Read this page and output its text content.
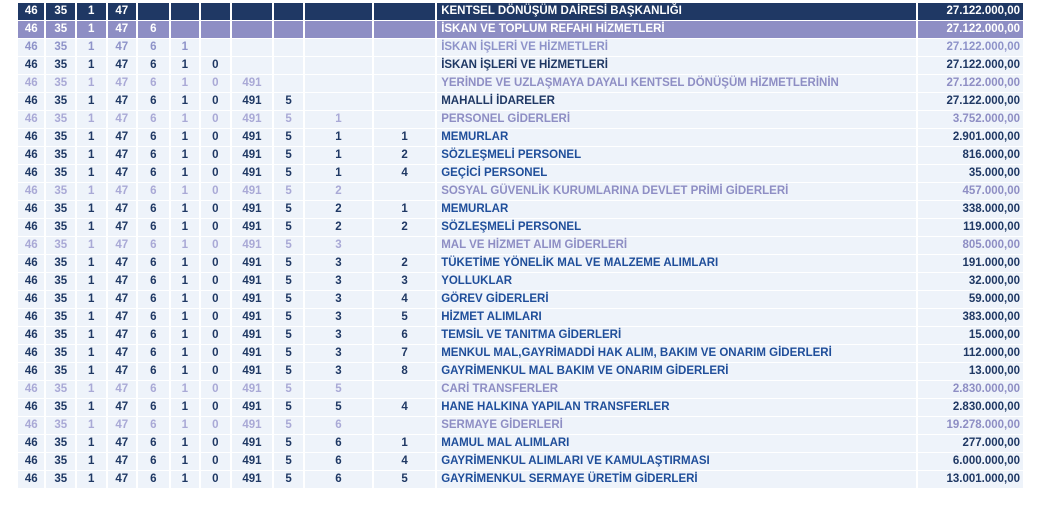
46	35	1	47								KENTSEL DÖNÜŞÜM DAİRESİ BAŞKANLIĞI	27.122.000,00
46	35	1	47	6							İSKAN VE TOPLUM REFAHI HİZMETLERİ	27.122.000,00
46	35	1	47	6	1						İSKAN İŞLERİ VE HİZMETLERİ	27.122.000,00
46	35	1	47	6	1	0					İSKAN İŞLERİ VE HİZMETLERİ	27.122.000,00
46	35	1	47	6	1	0	491				YERİNDE VE UZLAŞMAYA DAYALI KENTSEL DÖNÜŞÜM HİZMETLERİNİN	27.122.000,00
46	35	1	47	6	1	0	491	5			MAHALLİ İDARELER	27.122.000,00
46	35	1	47	6	1	0	491	5	1		PERSONEL GİDERLERİ	3.752.000,00
46	35	1	47	6	1	0	491	5	1	1	MEMURLAR	2.901.000,00
46	35	1	47	6	1	0	491	5	1	2	SÖZLEŞMELİ PERSONEL	816.000,00
46	35	1	47	6	1	0	491	5	1	4	GEÇİCİ PERSONEL	35.000,00
46	35	1	47	6	1	0	491	5	2		SOSYAL GÜVENLİK KURUMLARINA DEVLET PRİMİ GİDERLERİ	457.000,00
46	35	1	47	6	1	0	491	5	2	1	MEMURLAR	338.000,00
46	35	1	47	6	1	0	491	5	2	2	SÖZLEŞMELİ PERSONEL	119.000,00
46	35	1	47	6	1	0	491	5	3		MAL VE HİZMET ALIM GİDERLERİ	805.000,00
46	35	1	47	6	1	0	491	5	3	2	TÜKETİME YÖNELİK MAL VE MALZEME ALIMLARI	191.000,00
46	35	1	47	6	1	0	491	5	3	3	YOLLUKLAR	32.000,00
46	35	1	47	6	1	0	491	5	3	4	GÖREV GİDERLERİ	59.000,00
46	35	1	47	6	1	0	491	5	3	5	HİZMET ALIMLARI	383.000,00
46	35	1	47	6	1	0	491	5	3	6	TEMSİL VE TANITMA GİDERLERİ	15.000,00
46	35	1	47	6	1	0	491	5	3	7	MENKUL MAL,GAYRİMADDİ HAK ALIM, BAKIM VE ONARIM GİDERLERİ	112.000,00
46	35	1	47	6	1	0	491	5	3	8	GAYRİMENKUL MAL BAKIM VE ONARIM GİDERLERİ	13.000,00
46	35	1	47	6	1	0	491	5	5		CARİ TRANSFERLER	2.830.000,00
46	35	1	47	6	1	0	491	5	5	4	HANE HALKINA YAPILAN TRANSFERLER	2.830.000,00
46	35	1	47	6	1	0	491	5	6		SERMAYE GİDERLERİ	19.278.000,00
46	35	1	47	6	1	0	491	5	6	1	MAMUL MAL ALIMLARI	277.000,00
46	35	1	47	6	1	0	491	5	6	4	GAYRİMENKUL ALIMLARI VE KAMULAŞTIRMASI	6.000.000,00
46	35	1	47	6	1	0	491	5	6	5	GAYRİMENKUL SERMAYE ÜRETİM GİDERLERİ	13.001.000,00
